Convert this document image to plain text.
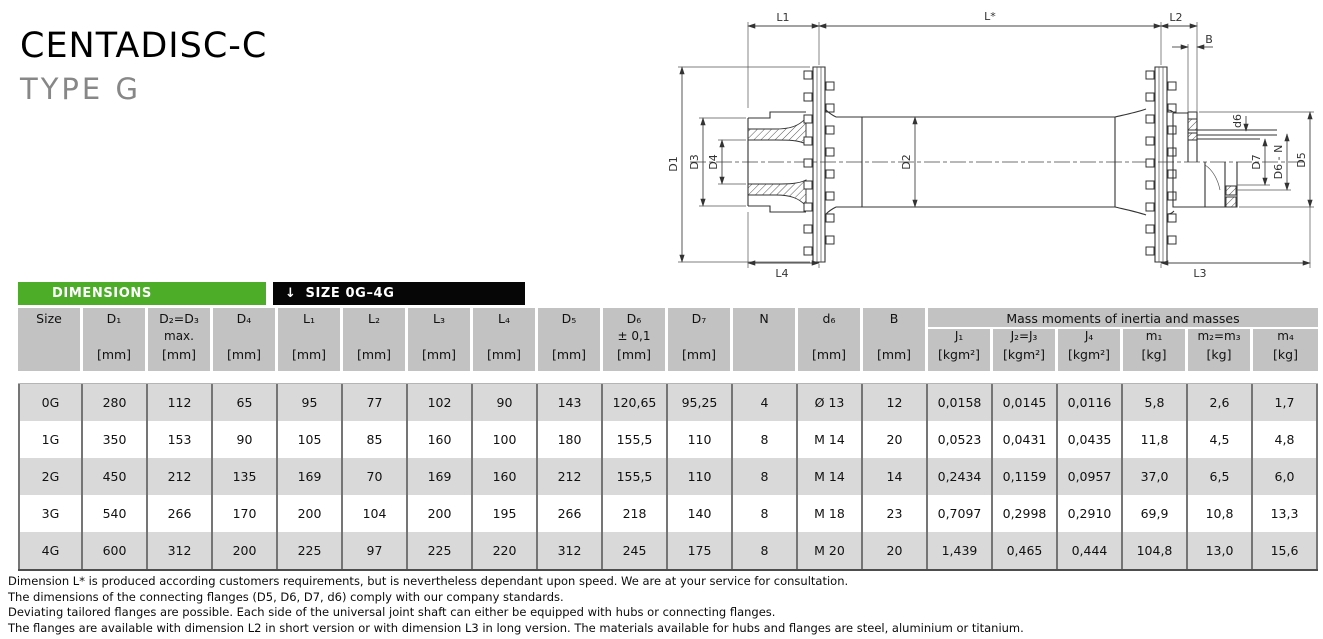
CENTADISC-C
TYPE G
L1	L*	L2
B
L4	L3
D1 D3 D4	D2
d6
D7 D6 - N D5
DIMENSIONS	↓ SIZE 0G–4G
Size	D₁	D₂=D₃	D₄	L₁	L₂	L₃	L₄	D₅	D₆	D₇	N	d₆	B	Mass moments of inertia and masses					
		max.							± 0,1					J₁	J₂=J₃	J₄	m₁	m₂=m₃	m₄
	[mm]	[mm]	[mm]	[mm]	[mm]	[mm]	[mm]	[mm]	[mm]	[mm]		[mm]	[mm]	[kgm²]	[kgm²]	[kgm²]	[kg]	[kg]	[kg]
0G	280	112	65	95	77	102	90	143	120,65	95,25	4	Ø 13	12	0,0158	0,0145	0,0116	5,8	2,6	1,7
1G	350	153	90	105	85	160	100	180	155,5	110	8	M 14	20	0,0523	0,0431	0,0435	11,8	4,5	4,8
2G	450	212	135	169	70	169	160	212	155,5	110	8	M 14	14	0,2434	0,1159	0,0957	37,0	6,5	6,0
3G	540	266	170	200	104	200	195	266	218	140	8	M 18	23	0,7097	0,2998	0,2910	69,9	10,8	13,3
4G	600	312	200	225	97	225	220	312	245	175	8	M 20	20	1,439	0,465	0,444	104,8	13,0	15,6
Dimension L* is produced according customers requirements, but is nevertheless dependant upon speed. We are at your service for consultation.
The dimensions of the connecting flanges (D5, D6, D7, d6) comply with our company standards.
Deviating tailored flanges are possible. Each side of the universal joint shaft can either be equipped with hubs or connecting flanges.
The flanges are available with dimension L2 in short version or with dimension L3 in long version. The materials available for hubs and flanges are steel, aluminium or titanium.
